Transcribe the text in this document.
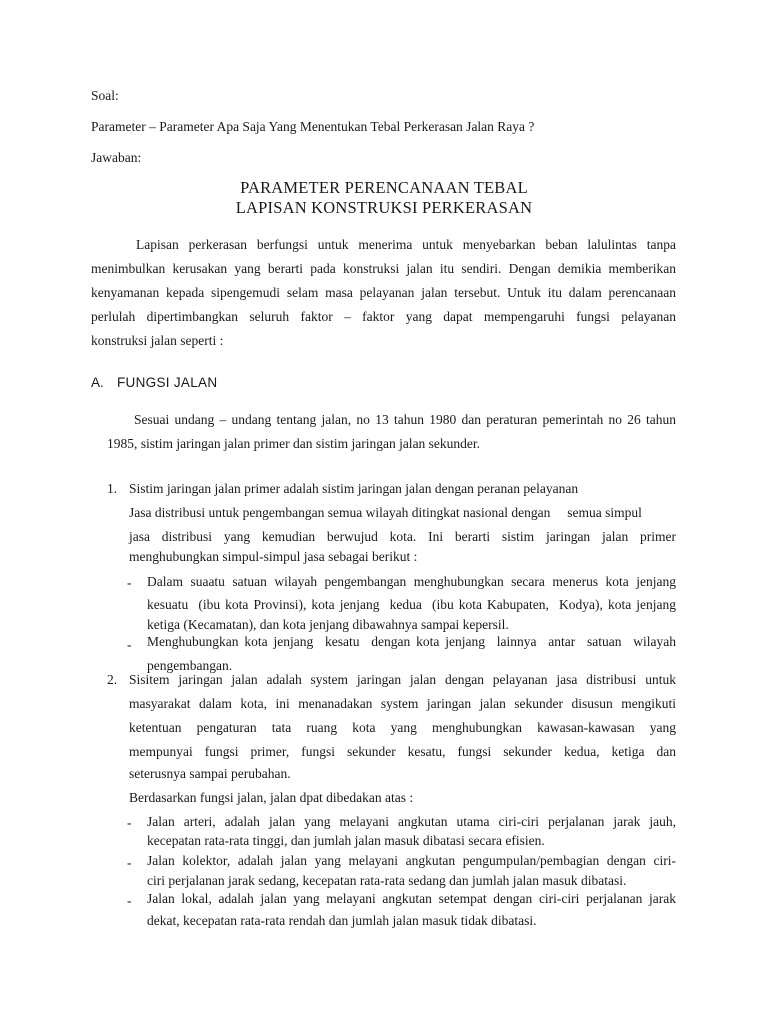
Soal:

Parameter – Parameter Apa Saja Yang Menentukan Tebal Perkerasan Jalan Raya ?

Jawaban:

PARAMETER PERENCANAAN TEBAL
LAPISAN KONSTRUKSI PERKERASAN

Lapisan perkerasan berfungsi untuk menerima untuk menyebarkan beban lalulintas tanpa

menimbulkan kerusakan yang berarti pada konstruksi jalan itu sendiri. Dengan demikia memberikan

kenyamanan kepada sipengemudi selam masa pelayanan jalan tersebut. Untuk itu dalam perencanaan

perlulah dipertimbangkan seluruh faktor – faktor yang dapat mempengaruhi fungsi pelayanan

konstruksi jalan seperti :

A. FUNGSI JALAN

Sesuai undang – undang tentang jalan, no 13 tahun 1980 dan peraturan pemerintah no 26 tahun

1985, sistim jaringan jalan primer dan sistim jaringan jalan sekunder.

1. Sistim jaringan jalan primer adalah sistim jaringan jalan dengan peranan pelayanan

Jasa distribusi untuk pengembangan semua wilayah ditingkat nasional dengan     semua simpul

jasa distribusi yang kemudian berwujud kota. Ini berarti sistim jaringan jalan primer

menghubungkan simpul-simpul jasa sebagai berikut :

- Dalam suaatu satuan wilayah pengembangan menghubungkan secara menerus kota jenjang

kesuatu  (ibu kota Provinsi), kota jenjang  kedua  (ibu kota Kabupaten,  Kodya), kota jenjang

ketiga (Kecamatan), dan kota jenjang dibawahnya sampai kepersil.

- Menghubungkan kota jenjang  kesatu  dengan kota jenjang  lainnya  antar  satuan  wilayah

pengembangan.

2. Sisitem jaringan jalan adalah system jaringan jalan dengan pelayanan jasa distribusi untuk

masyarakat dalam kota, ini menanadakan system jaringan jalan sekunder disusun mengikuti

ketentuan pengaturan tata ruang kota yang menghubungkan kawasan-kawasan yang

mempunyai fungsi primer, fungsi sekunder kesatu, fungsi sekunder kedua, ketiga dan

seterusnya sampai perubahan.

Berdasarkan fungsi jalan, jalan dpat dibedakan atas :

- Jalan arteri, adalah jalan yang melayani angkutan utama ciri-ciri perjalanan jarak jauh,

kecepatan rata-rata tinggi, dan jumlah jalan masuk dibatasi secara efisien.

- Jalan kolektor, adalah jalan yang melayani angkutan pengumpulan/pembagian dengan ciri-

ciri perjalanan jarak sedang, kecepatan rata-rata sedang dan jumlah jalan masuk dibatasi.

- Jalan lokal, adalah jalan yang melayani angkutan setempat dengan ciri-ciri perjalanan jarak

dekat, kecepatan rata-rata rendah dan jumlah jalan masuk tidak dibatasi.
